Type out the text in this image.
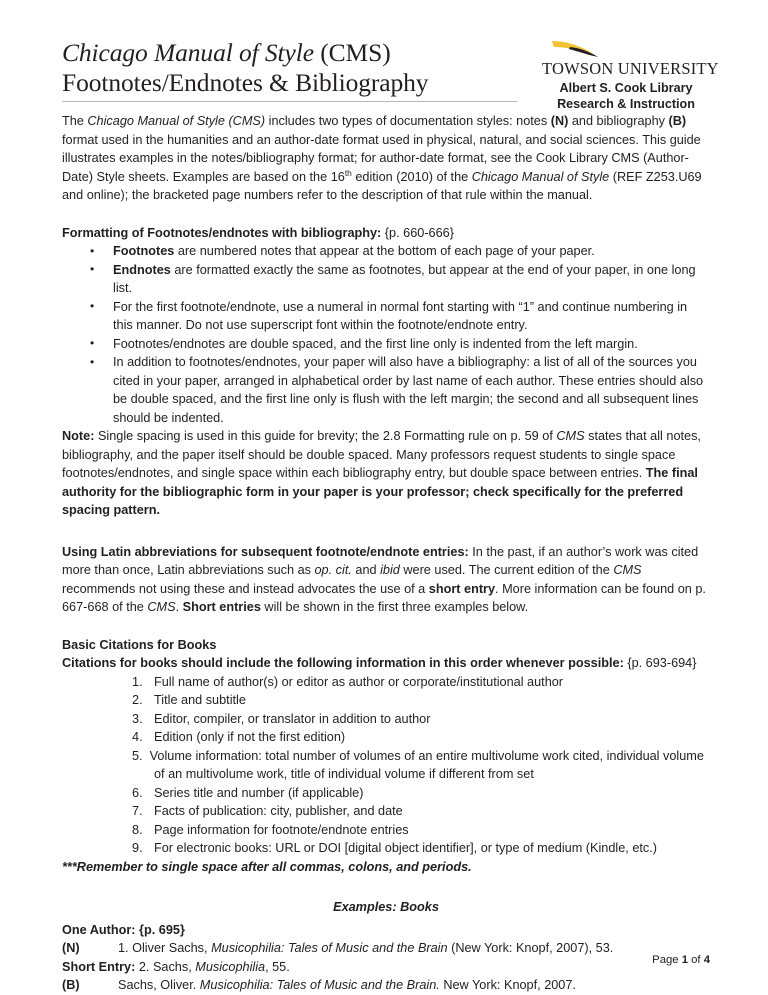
Chicago Manual of Style (CMS)
Footnotes/Endnotes & Bibliography	TOWSON UNIVERSITY
Albert S. Cook Library
Research & Instruction

The Chicago Manual of Style (CMS) includes two types of documentation styles: notes (N) and bibliography (B) format used in the humanities and an author-date format used in physical, natural, and social sciences. This guide illustrates examples in the notes/bibliography format; for author-date format, see the Cook Library CMS (Author-Date) Style sheets. Examples are based on the 16th edition (2010) of the Chicago Manual of Style (REF Z253.U69 and online); the bracketed page numbers refer to the description of that rule within the manual.

Formatting of Footnotes/endnotes with bibliography: {p. 660-666}

• Footnotes are numbered notes that appear at the bottom of each page of your paper.
• Endnotes are formatted exactly the same as footnotes, but appear at the end of your paper, in one long list.
• For the first footnote/endnote, use a numeral in normal font starting with “1” and continue numbering in this manner. Do not use superscript font within the footnote/endnote entry.
• Footnotes/endnotes are double spaced, and the first line only is indented from the left margin.
• In addition to footnotes/endnotes, your paper will also have a bibliography: a list of all of the sources you cited in your paper, arranged in alphabetical order by last name of each author. These entries should also be double spaced, and the first line only is flush with the left margin; the second and all subsequent lines should be indented.

Note: Single spacing is used in this guide for brevity; the 2.8 Formatting rule on p. 59 of CMS states that all notes, bibliography, and the paper itself should be double spaced. Many professors request students to single space footnotes/endnotes, and single space within each bibliography entry, but double space between entries. The final authority for the bibliographic form in your paper is your professor; check specifically for the preferred spacing pattern.

Using Latin abbreviations for subsequent footnote/endnote entries: In the past, if an author’s work was cited more than once, Latin abbreviations such as op. cit. and ibid were used. The current edition of the CMS recommends not using these and instead advocates the use of a short entry. More information can be found on p. 667-668 of the CMS. Short entries will be shown in the first three examples below.

Basic Citations for Books

Citations for books should include the following information in this order whenever possible: {p. 693-694}

Full name of author(s) or editor as author or corporate/institutional author
Title and subtitle
Editor, compiler, or translator in addition to author
Edition (only if not the first edition)
5.  Volume information: total number of volumes of an entire multivolume work cited, individual volume of an multivolume work, title of individual volume if different from set
Series title and number (if applicable)
Facts of publication: city, publisher, and date
Page information for footnote/endnote entries
For electronic books: URL or DOI [digital object identifier], or type of medium (Kindle, etc.)

***Remember to single space after all commas, colons, and periods.

Examples: Books

One Author: {p. 695}

(N)	1. Oliver Sachs, Musicophilia: Tales of Music and the Brain (New York: Knopf, 2007), 53.

Short Entry: 2. Sachs, Musicophilia, 55.

(B)	Sachs, Oliver. Musicophilia: Tales of Music and the Brain. New York: Knopf, 2007.

Page 1 of 4
